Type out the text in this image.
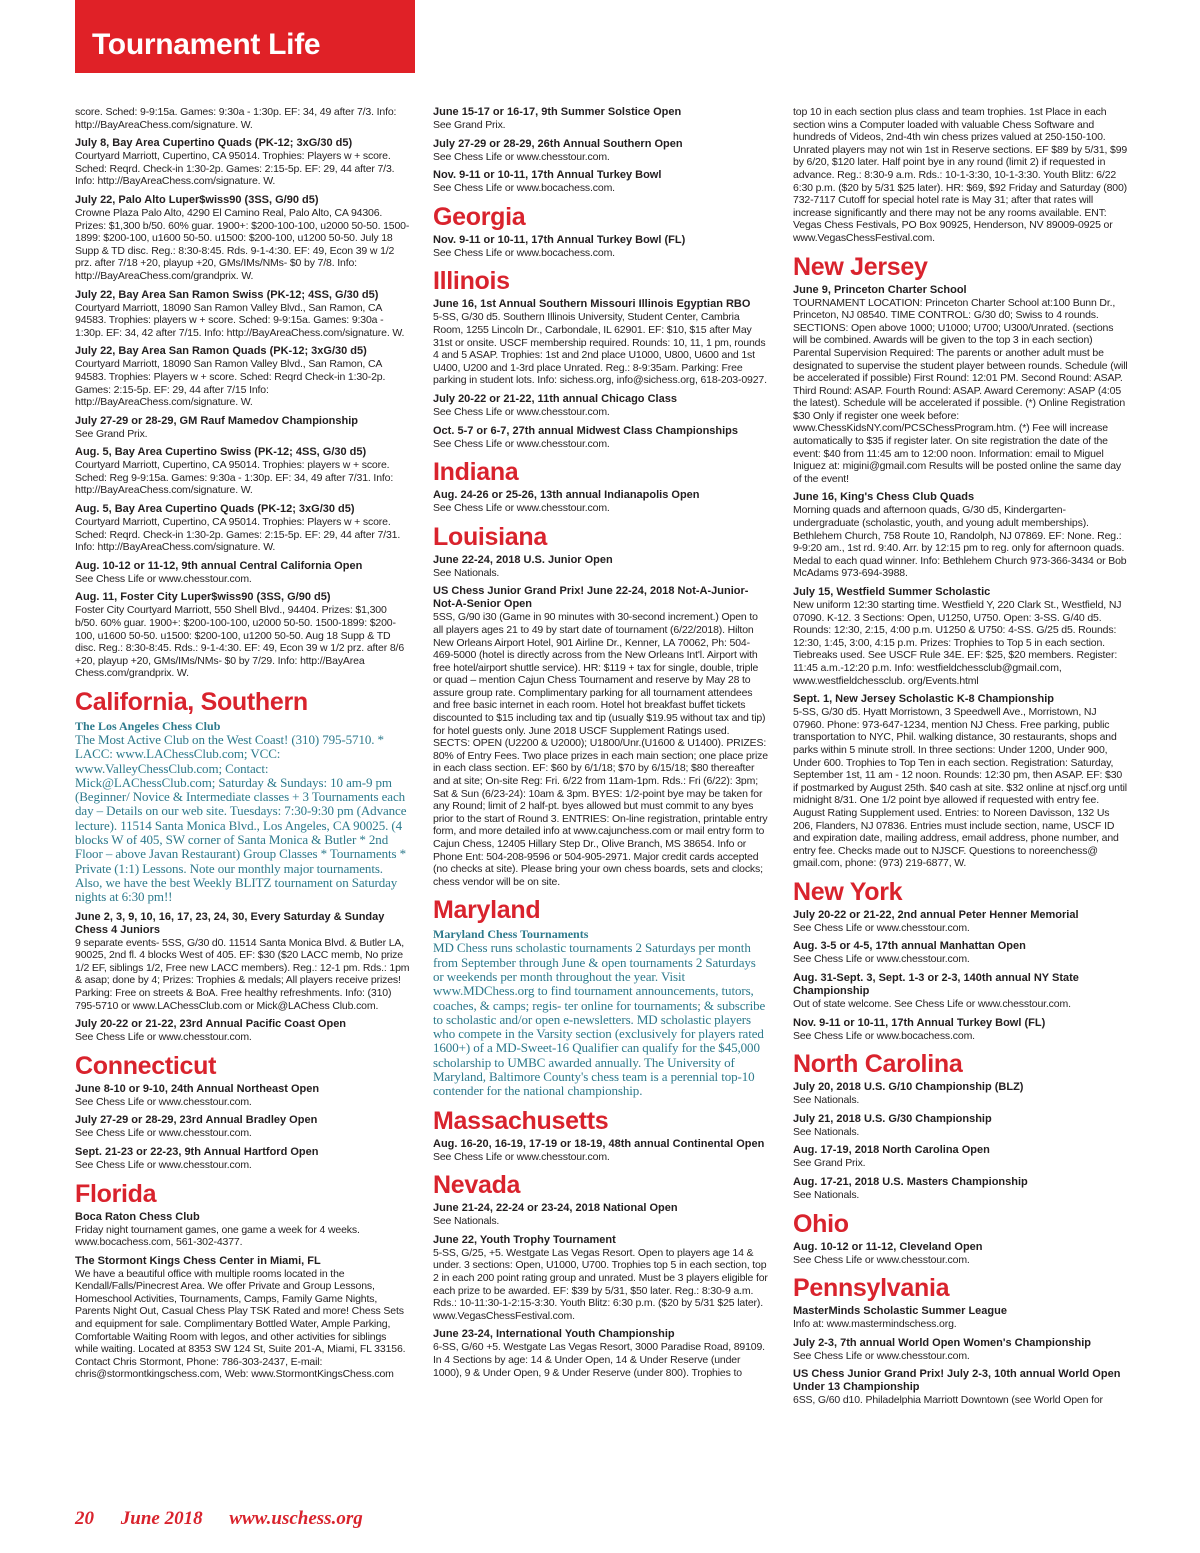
Tournament Life
score. Sched: 9-9:15a. Games: 9:30a - 1:30p. EF: 34, 49 after 7/3. Info: http://BayAreaChess.com/signature. W.
July 8, Bay Area Cupertino Quads (PK-12; 3xG/30 d5)
Courtyard Marriott, Cupertino, CA 95014. Trophies: Players w + score. Sched: Reqrd. Check-in 1:30-2p. Games: 2:15-5p. EF: 29, 44 after 7/3. Info: http://BayAreaChess.com/signature. W.
July 22, Palo Alto Luper$wiss90 (3SS, G/90 d5)
Crowne Plaza Palo Alto, 4290 El Camino Real, Palo Alto, CA 94306. Prizes: $1,300 b/50. 60% guar. 1900+: $200-100-100, u2000 50-50. 1500-1899: $200-100, u1600 50-50. u1500: $200-100, u1200 50-50. July 18 Supp & TD disc. Reg.: 8:30-8:45. Rds. 9-1-4:30. EF: 49, Econ 39 w 1/2 prz. after 7/18 +20, playup +20, GMs/IMs/NMs- $0 by 7/8. Info: http://BayAreaChess.com/grandprix. W.
July 22, Bay Area San Ramon Swiss (PK-12; 4SS, G/30 d5)
Courtyard Marriott, 18090 San Ramon Valley Blvd., San Ramon, CA 94583. Trophies: players w + score. Sched: 9-9:15a. Games: 9:30a - 1:30p. EF: 34, 42 after 7/15. Info: http://BayAreaChess.com/signature. W.
July 22, Bay Area San Ramon Quads (PK-12; 3xG/30 d5)
Courtyard Marriott, 18090 San Ramon Valley Blvd., San Ramon, CA 94583. Trophies: Players w + score. Sched: Reqrd Check-in 1:30-2p. Games: 2:15-5p. EF: 29, 44 after 7/15 Info: http://BayAreaChess.com/signature. W.
July 27-29 or 28-29, GM Rauf Mamedov Championship
See Grand Prix.
Aug. 5, Bay Area Cupertino Swiss (PK-12; 4SS, G/30 d5)
Courtyard Marriott, Cupertino, CA 95014. Trophies: players w + score. Sched: Reg 9-9:15a. Games: 9:30a - 1:30p. EF: 34, 49 after 7/31. Info: http://BayAreaChess.com/signature. W.
Aug. 5, Bay Area Cupertino Quads (PK-12; 3xG/30 d5)
Courtyard Marriott, Cupertino, CA 95014. Trophies: Players w + score. Sched: Reqrd. Check-in 1:30-2p. Games: 2:15-5p. EF: 29, 44 after 7/31. Info: http://BayAreaChess.com/signature. W.
Aug. 10-12 or 11-12, 9th annual Central California Open
See Chess Life or www.chesstour.com.
Aug. 11, Foster City Luper$wiss90 (3SS, G/90 d5)
Foster City Courtyard Marriott, 550 Shell Blvd., 94404. Prizes: $1,300 b/50. 60% guar. 1900+: $200-100-100, u2000 50-50. 1500-1899: $200-100, u1600 50-50. u1500: $200-100, u1200 50-50. Aug 18 Supp & TD disc. Reg.: 8:30-8:45. Rds.: 9-1-4:30. EF: 49, Econ 39 w 1/2 prz. after 8/6 +20, playup +20, GMs/IMs/NMs- $0 by 7/29. Info: http://BayArea Chess.com/grandprix. W.
California, Southern
The Los Angeles Chess Club
The Most Active Club on the West Coast! (310) 795-5710. * LACC: www.LAChessClub.com; VCC: www.ValleyChessClub.com; Contact: Mick@LAChessClub.com; Saturday & Sundays: 10 am-9 pm (Beginner/ Novice & Intermediate classes + 3 Tournaments each day – Details on our web site. Tuesdays: 7:30-9:30 pm (Advance lecture). 11514 Santa Monica Blvd., Los Angeles, CA 90025. (4 blocks W of 405, SW corner of Santa Monica & Butler * 2nd Floor – above Javan Restaurant) Group Classes * Tournaments * Private (1:1) Lessons. Note our monthly major tournaments. Also, we have the best Weekly BLITZ tournament on Saturday nights at 6:30 pm!!
June 2, 3, 9, 10, 16, 17, 23, 24, 30, Every Saturday & Sunday Chess 4 Juniors
9 separate events- 5SS, G/30 d0. 11514 Santa Monica Blvd. & Butler LA, 90025, 2nd fl. 4 blocks West of 405. EF: $30 ($20 LACC memb, No prize 1/2 EF, siblings 1/2, Free new LACC members). Reg.: 12-1 pm. Rds.: 1pm & asap; done by 4; Prizes: Trophies & medals; All players receive prizes! Parking: Free on streets & BoA. Free healthy refreshments. Info: (310) 795-5710 or www.LAChessClub.com or Mick@LAChess Club.com.
July 20-22 or 21-22, 23rd Annual Pacific Coast Open
See Chess Life or www.chesstour.com.
Connecticut
June 8-10 or 9-10, 24th Annual Northeast Open
See Chess Life or www.chesstour.com.
July 27-29 or 28-29, 23rd Annual Bradley Open
See Chess Life or www.chesstour.com.
Sept. 21-23 or 22-23, 9th Annual Hartford Open
See Chess Life or www.chesstour.com.
Florida
Boca Raton Chess Club
Friday night tournament games, one game a week for 4 weeks. www.bocachess.com, 561-302-4377.
The Stormont Kings Chess Center in Miami, FL
We have a beautiful office with multiple rooms located in the Kendall/Falls/Pinecrest Area. We offer Private and Group Lessons, Homeschool Activities, Tournaments, Camps, Family Game Nights, Parents Night Out, Casual Chess Play TSK Rated and more! Chess Sets and equipment for sale. Complimentary Bottled Water, Ample Parking, Comfortable Waiting Room with legos, and other activities for siblings while waiting. Located at 8353 SW 124 St, Suite 201-A, Miami, FL 33156. Contact Chris Stormont, Phone: 786-303-2437, E-mail: chris@stormontkingschess.com, Web: www.StormontKingsChess.com
June 15-17 or 16-17, 9th Summer Solstice Open
See Grand Prix.
July 27-29 or 28-29, 26th Annual Southern Open
See Chess Life or www.chesstour.com.
Nov. 9-11 or 10-11, 17th Annual Turkey Bowl
See Chess Life or www.bocachess.com.
Georgia
Nov. 9-11 or 10-11, 17th Annual Turkey Bowl (FL)
See Chess Life or www.bocachess.com.
Illinois
June 16, 1st Annual Southern Missouri Illinois Egyptian RBO
5-SS, G/30 d5. Southern Illinois University, Student Center, Cambria Room, 1255 Lincoln Dr., Carbondale, IL 62901. EF: $10, $15 after May 31st or onsite. USCF membership required. Rounds: 10, 11, 1 pm, rounds 4 and 5 ASAP. Trophies: 1st and 2nd place U1000, U800, U600 and 1st U400, U200 and 1-3rd place Unrated. Reg.: 8-9:35am. Parking: Free parking in student lots. Info: sichess.org, info@sichess.org, 618-203-0927.
July 20-22 or 21-22, 11th annual Chicago Class
See Chess Life or www.chesstour.com.
Oct. 5-7 or 6-7, 27th annual Midwest Class Championships
See Chess Life or www.chesstour.com.
Indiana
Aug. 24-26 or 25-26, 13th annual Indianapolis Open
See Chess Life or www.chesstour.com.
Louisiana
June 22-24, 2018 U.S. Junior Open
See Nationals.
US Chess Junior Grand Prix! June 22-24, 2018 Not-A-Junior-Not-A-Senior Open
5SS, G/90 i30 (Game in 90 minutes with 30-second increment.) Open to all players ages 21 to 49 by start date of tournament (6/22/2018). Hilton New Orleans Airport Hotel, 901 Airline Dr., Kenner, LA 70062, Ph: 504-469-5000 (hotel is directly across from the New Orleans Int'l. Airport with free hotel/airport shuttle service). HR: $119 + tax for single, double, triple or quad – mention Cajun Chess Tournament and reserve by May 28 to assure group rate. Complimentary parking for all tournament attendees and free basic internet in each room. Hotel hot breakfast buffet tickets discounted to $15 including tax and tip (usually $19.95 without tax and tip) for hotel guests only. June 2018 USCF Supplement Ratings used. SECTS: OPEN (U2200 & U2000); U1800/Unr.(U1600 & U1400). PRIZES: 80% of Entry Fees. Two place prizes in each main section; one place prize in each class section. EF: $60 by 6/1/18; $70 by 6/15/18; $80 thereafter and at site; On-site Reg: Fri. 6/22 from 11am-1pm. Rds.: Fri (6/22): 3pm; Sat & Sun (6/23-24): 10am & 3pm. BYES: 1/2-point bye may be taken for any Round; limit of 2 half-pt. byes allowed but must commit to any byes prior to the start of Round 3. ENTRIES: On-line registration, printable entry form, and more detailed info at www.cajunchess.com or mail entry form to Cajun Chess, 12405 Hillary Step Dr., Olive Branch, MS 38654. Info or Phone Ent: 504-208-9596 or 504-905-2971. Major credit cards accepted (no checks at site). Please bring your own chess boards, sets and clocks; chess vendor will be on site.
Maryland
Maryland Chess Tournaments
MD Chess runs scholastic tournaments 2 Saturdays per month from September through June & open tournaments 2 Saturdays or weekends per month throughout the year. Visit www.MDChess.org to find tournament announcements, tutors, coaches, & camps; regis- ter online for tournaments; & subscribe to scholastic and/or open e-newsletters. MD scholastic players who compete in the Varsity section (exclusively for players rated 1600+) of a MD-Sweet-16 Qualifier can qualify for the $45,000 scholarship to UMBC awarded annually. The University of Maryland, Baltimore County's chess team is a perennial top-10 contender for the national championship.
Massachusetts
Aug. 16-20, 16-19, 17-19 or 18-19, 48th annual Continental Open
See Chess Life or www.chesstour.com.
Nevada
June 21-24, 22-24 or 23-24, 2018 National Open
See Nationals.
June 22, Youth Trophy Tournament
5-SS, G/25, +5. Westgate Las Vegas Resort. Open to players age 14 & under. 3 sections: Open, U1000, U700. Trophies top 5 in each section, top 2 in each 200 point rating group and unrated. Must be 3 players eligible for each prize to be awarded. EF: $39 by 5/31, $50 later. Reg.: 8:30-9 a.m. Rds.: 10-11:30-1-2:15-3:30. Youth Blitz: 6:30 p.m. ($20 by 5/31 $25 later). www.VegasChessFestival.com.
June 23-24, International Youth Championship
6-SS, G/60 +5. Westgate Las Vegas Resort, 3000 Paradise Road, 89109. In 4 Sections by age: 14 & Under Open, 14 & Under Reserve (under 1000), 9 & Under Open, 9 & Under Reserve (under 800). Trophies to
top 10 in each section plus class and team trophies. 1st Place in each section wins a Computer loaded with valuable Chess Software and hundreds of Videos, 2nd-4th win chess prizes valued at 250-150-100. Unrated players may not win 1st in Reserve sections. EF $89 by 5/31, $99 by 6/20, $120 later. Half point bye in any round (limit 2) if requested in advance. Reg.: 8:30-9 a.m. Rds.: 10-1-3:30, 10-1-3:30. Youth Blitz: 6/22 6:30 p.m. ($20 by 5/31 $25 later). HR: $69, $92 Friday and Saturday (800) 732-7117 Cutoff for special hotel rate is May 31; after that rates will increase significantly and there may not be any rooms available. ENT: Vegas Chess Festivals, PO Box 90925, Henderson, NV 89009-0925 or www.VegasChessFestival.com.
New Jersey
June 9, Princeton Charter School
TOURNAMENT LOCATION: Princeton Charter School at:100 Bunn Dr., Princeton, NJ 08540. TIME CONTROL: G/30 d0; Swiss to 4 rounds. SECTIONS: Open above 1000; U1000; U700; U300/Unrated. (sections will be combined. Awards will be given to the top 3 in each section) Parental Supervision Required: The parents or another adult must be designated to supervise the student player between rounds. Schedule (will be accelerated if possible) First Round: 12:01 PM. Second Round: ASAP. Third Round: ASAP. Fourth Round: ASAP. Award Ceremony: ASAP (4:05 the latest). Schedule will be accelerated if possible. (*) Online Registration $30 Only if register one week before: www.ChessKidsNY.com/PCSChessProgram.htm. (*) Fee will increase automatically to $35 if register later. On site registration the date of the event: $40 from 11:45 am to 12:00 noon. Information: email to Miguel Iniguez at: migini@gmail.com Results will be posted online the same day of the event!
June 16, King's Chess Club Quads
Morning quads and afternoon quads, G/30 d5, Kindergarten-undergraduate (scholastic, youth, and young adult memberships). Bethlehem Church, 758 Route 10, Randolph, NJ 07869. EF: None. Reg.: 9-9:20 am., 1st rd. 9:40. Arr. by 12:15 pm to reg. only for afternoon quads. Medal to each quad winner. Info: Bethlehem Church 973-366-3434 or Bob McAdams 973-694-3988.
July 15, Westfield Summer Scholastic
New uniform 12:30 starting time. Westfield Y, 220 Clark St., Westfield, NJ 07090. K-12. 3 Sections: Open, U1250, U750. Open: 3-SS. G/40 d5. Rounds: 12:30, 2:15, 4:00 p.m. U1250 & U750: 4-SS. G/25 d5. Rounds: 12:30, 1:45, 3:00, 4:15 p.m. Prizes: Trophies to Top 5 in each section. Tiebreaks used. See USCF Rule 34E. EF: $25, $20 members. Register: 11:45 a.m.-12:20 p.m. Info: westfieldchessclub@gmail.com, www.westfieldchessclub. org/Events.html
Sept. 1, New Jersey Scholastic K-8 Championship
5-SS, G/30 d5. Hyatt Morristown, 3 Speedwell Ave., Morristown, NJ 07960. Phone: 973-647-1234, mention NJ Chess. Free parking, public transportation to NYC, Phil. walking distance, 30 restaurants, shops and parks within 5 minute stroll. In three sections: Under 1200, Under 900, Under 600. Trophies to Top Ten in each section. Registration: Saturday, September 1st, 11 am - 12 noon. Rounds: 12:30 pm, then ASAP. EF: $30 if postmarked by August 25th. $40 cash at site. $32 online at njscf.org until midnight 8/31. One 1/2 point bye allowed if requested with entry fee. August Rating Supplement used. Entries: to Noreen Davisson, 132 Us 206, Flanders, NJ 07836. Entries must include section, name, USCF ID and expiration date, mailing address, email address, phone number, and entry fee. Checks made out to NJSCF. Questions to noreenchess@ gmail.com, phone: (973) 219-6877, W.
New York
July 20-22 or 21-22, 2nd annual Peter Henner Memorial
See Chess Life or www.chesstour.com.
Aug. 3-5 or 4-5, 17th annual Manhattan Open
See Chess Life or www.chesstour.com.
Aug. 31-Sept. 3, Sept. 1-3 or 2-3, 140th annual NY State Championship
Out of state welcome. See Chess Life or www.chesstour.com.
Nov. 9-11 or 10-11, 17th Annual Turkey Bowl (FL)
See Chess Life or www.bocachess.com.
North Carolina
July 20, 2018 U.S. G/10 Championship (BLZ)
See Nationals.
July 21, 2018 U.S. G/30 Championship
See Nationals.
Aug. 17-19, 2018 North Carolina Open
See Grand Prix.
Aug. 17-21, 2018 U.S. Masters Championship
See Nationals.
Ohio
Aug. 10-12 or 11-12, Cleveland Open
See Chess Life or www.chesstour.com.
Pennsylvania
MasterMinds Scholastic Summer League
Info at: www.mastermindschess.org.
July 2-3, 7th annual World Open Women's Championship
See Chess Life or www.chesstour.com.
US Chess Junior Grand Prix! July 2-3, 10th annual World Open Under 13 Championship
6SS, G/60 d10. Philadelphia Marriott Downtown (see World Open for
20 June 2018 www.uschess.org
